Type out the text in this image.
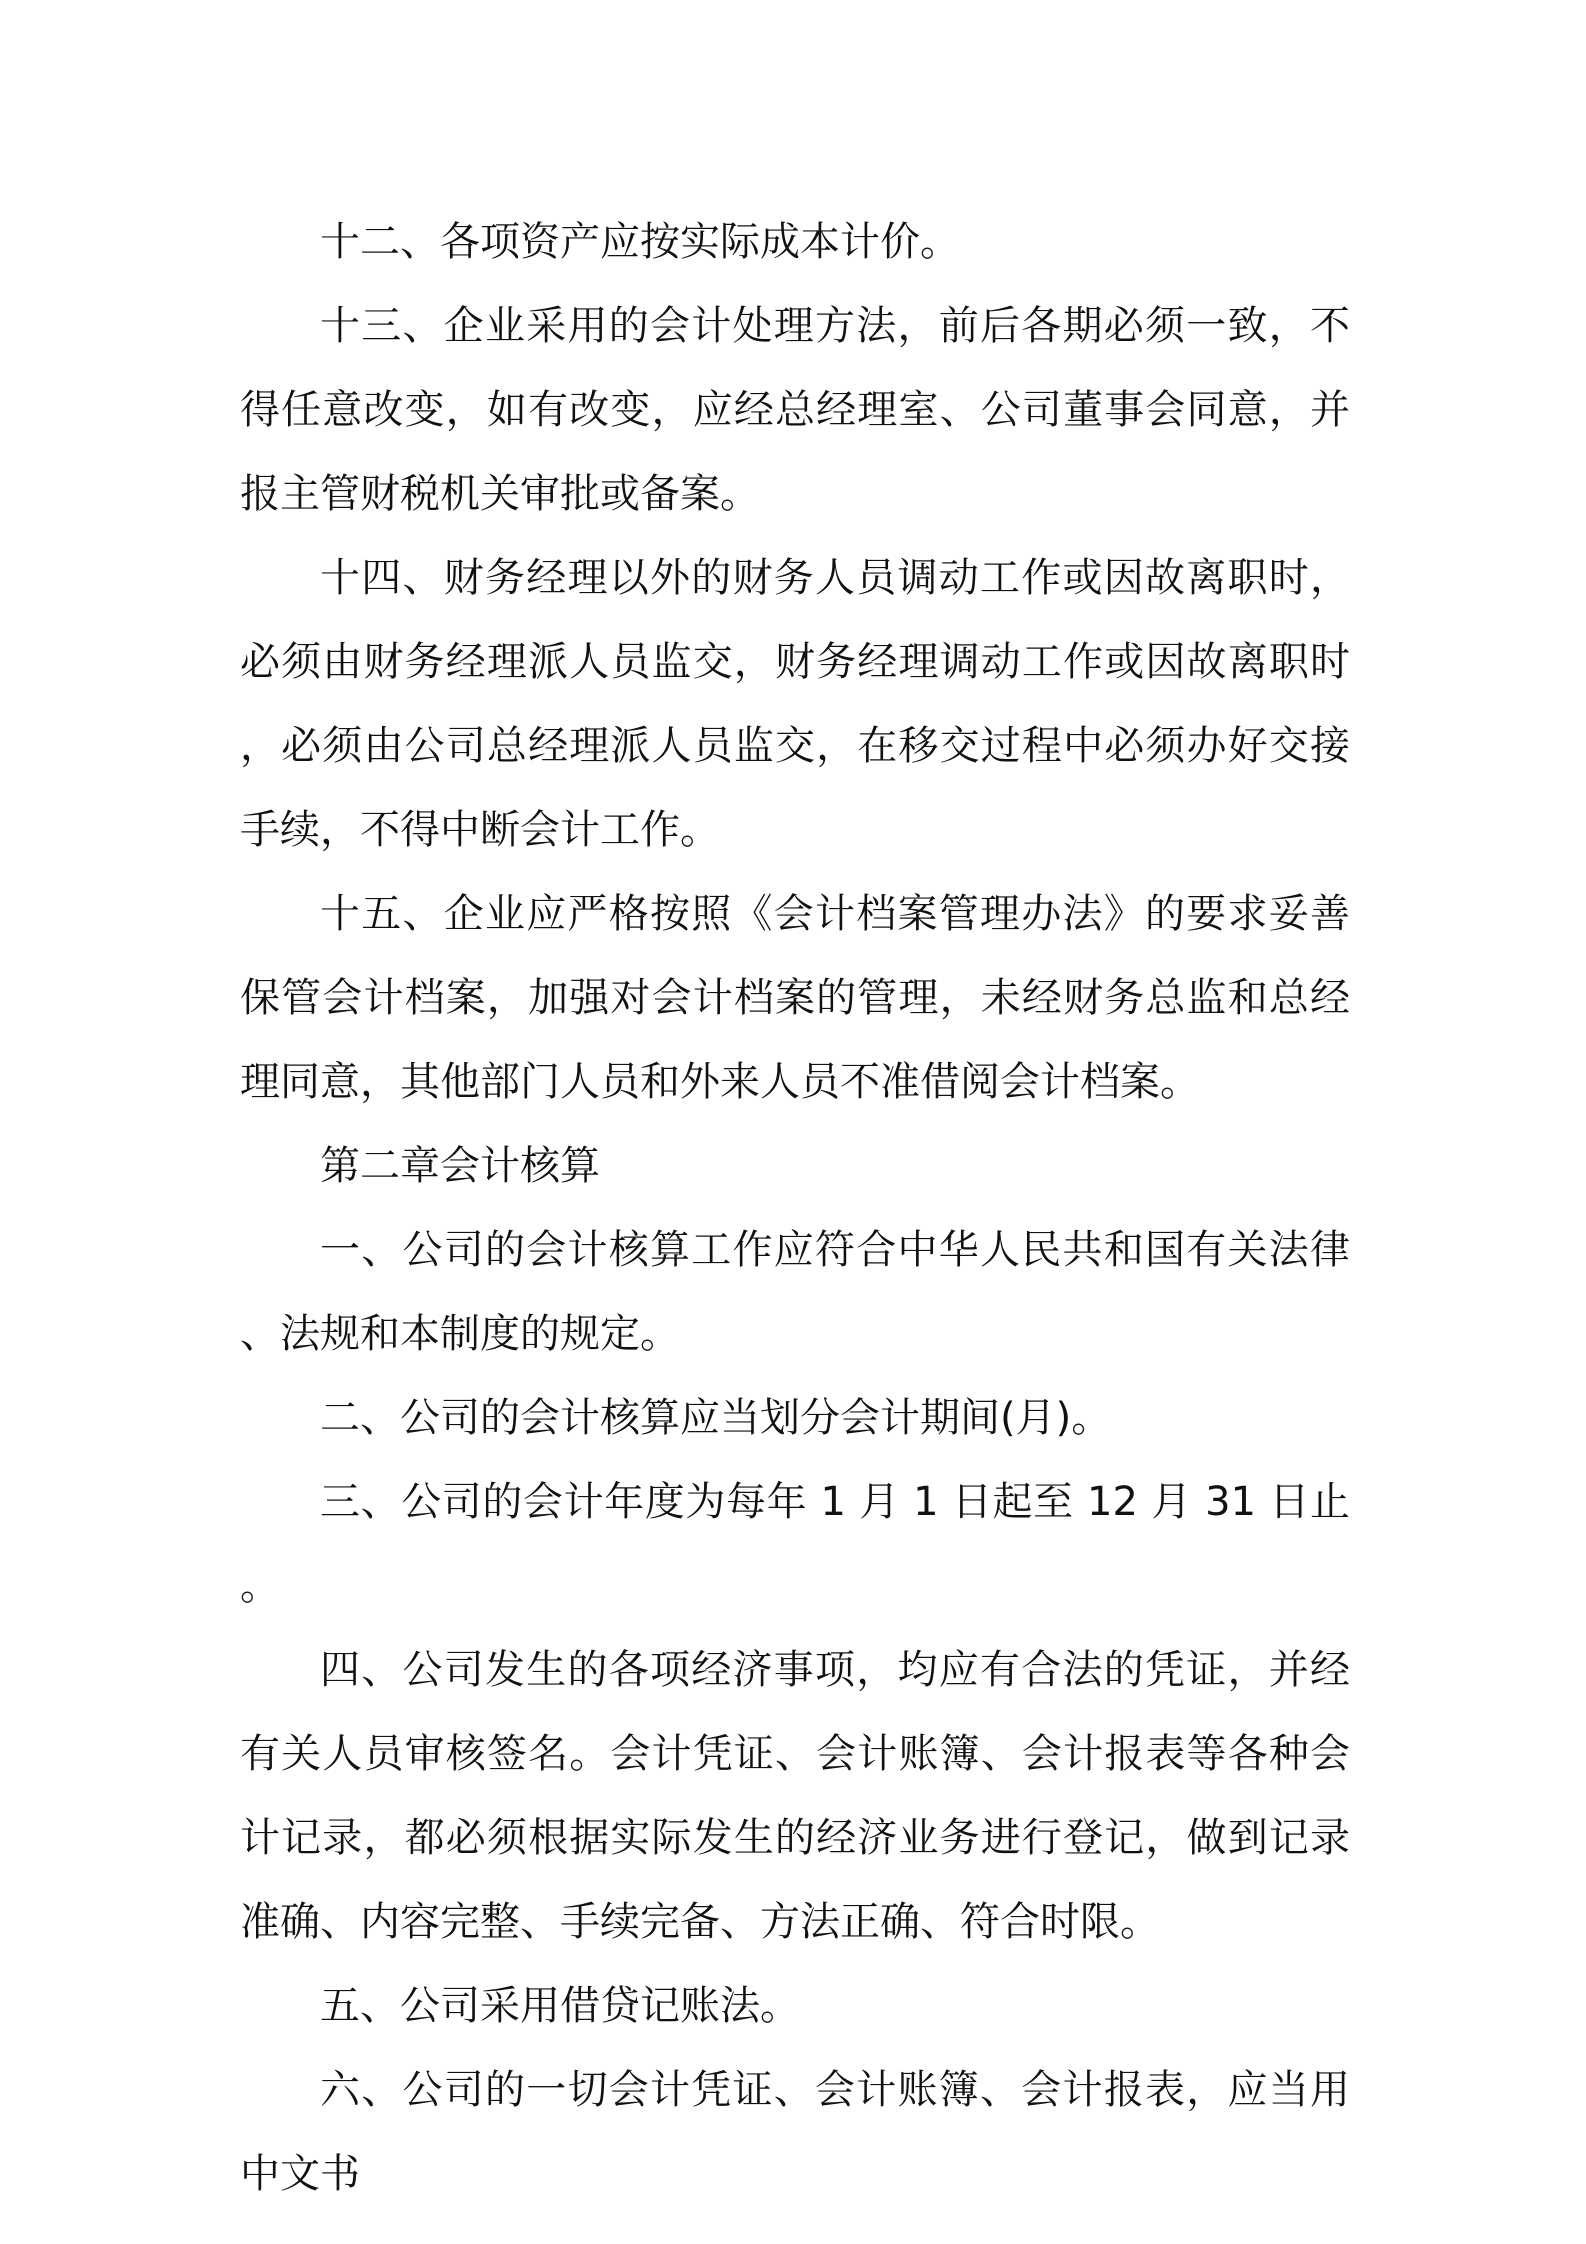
十二、各项资产应按实际成本计价。

十三、企业采用的会计处理方法，前后各期必须一致，不得任意改变，如有改变，应经总经理室、公司董事会同意，并报主管财税机关审批或备案。

十四、财务经理以外的财务人员调动工作或因故离职时，必须由财务经理派人员监交，财务经理调动工作或因故离职时，必须由公司总经理派人员监交，在移交过程中必须办好交接手续，不得中断会计工作。

十五、企业应严格按照《会计档案管理办法》的要求妥善保管会计档案，加强对会计档案的管理，未经财务总监和总经理同意，其他部门人员和外来人员不准借阅会计档案。

第二章会计核算

一、公司的会计核算工作应符合中华人民共和国有关法律、法规和本制度的规定。

二、公司的会计核算应当划分会计期间(月)。

三、公司的会计年度为每年 1 月 1 日起至 12 月 31 日止。

四、公司发生的各项经济事项，均应有合法的凭证，并经有关人员审核签名。会计凭证、会计账簿、会计报表等各种会计记录，都必须根据实际发生的经济业务进行登记，做到记录准确、内容完整、手续完备、方法正确、符合时限。

五、公司采用借贷记账法。

六、公司的一切会计凭证、会计账簿、会计报表，应当用中文书
